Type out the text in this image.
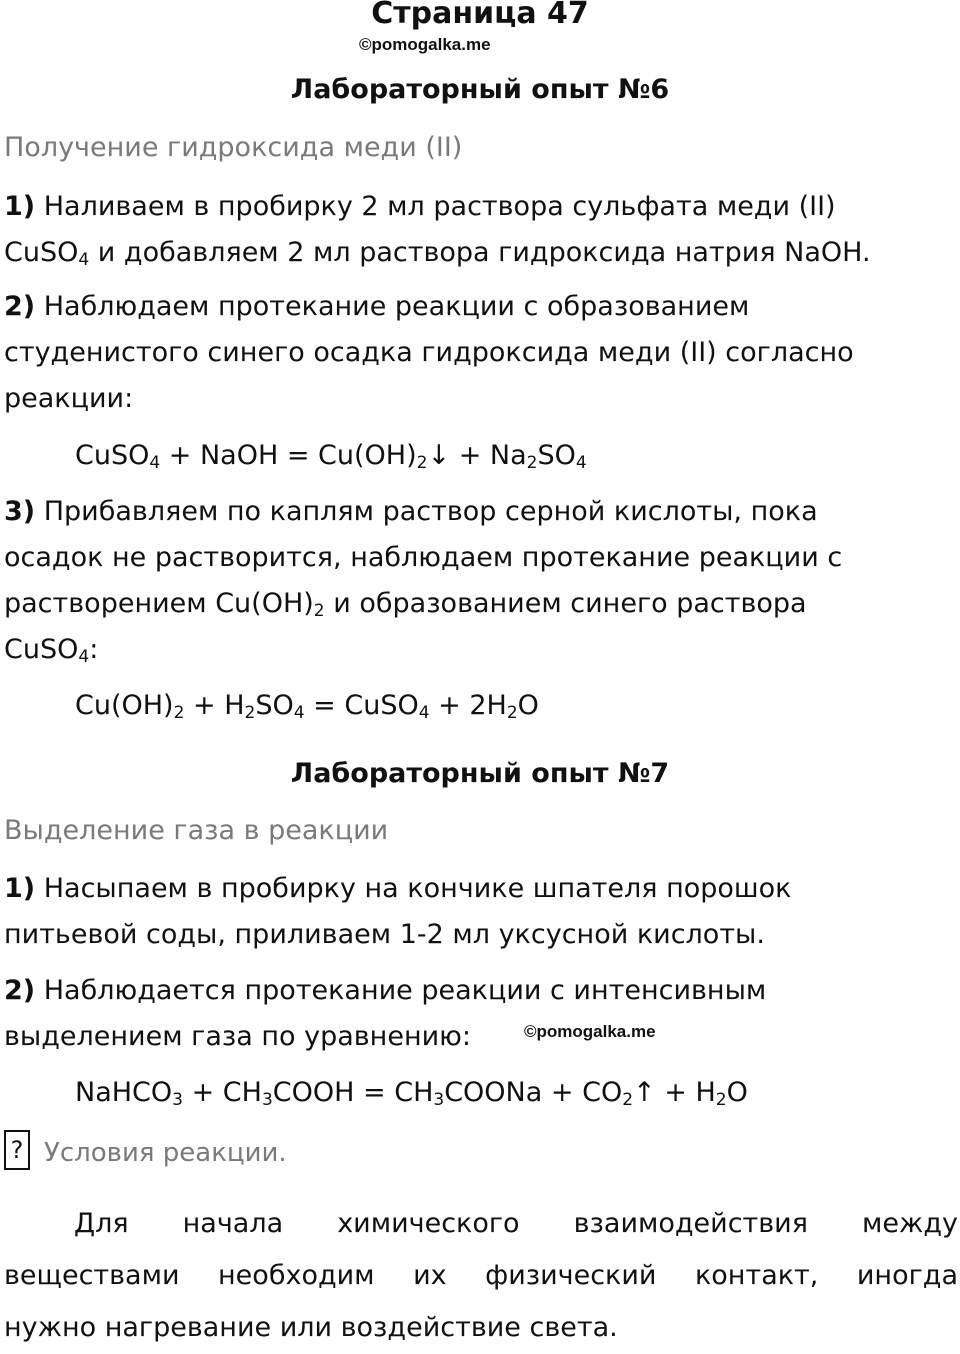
Страница 47
©pomogalka.me
Лабораторный опыт №6
Получение гидроксида меди (II)
1) Наливаем в пробирку 2 мл раствора сульфата меди (II)
CuSO$_4$ и добавляем 2 мл раствора гидроксида натрия NaOH.
2) Наблюдаем протекание реакции с образованием
студенистого синего осадка гидроксида меди (II) согласно
реакции:
CuSO$_4$ + NaOH = $Cu(OH)_2↓ + Na_2SO_4$
3) Прибавляем по каплям раствор серной кислоты, пока
осадок не растворится, наблюдаем протекание реакции с
растворением $Cu(OH)_2$ и образованием синего раствора
CuSO$_4$:
$Cu(OH)_2 + H_2SO_4$ = CuSO$_4$ + $2H_2O$
Лабораторный опыт №7
Выделение газа в реакции
1) Насыпаем в пробирку на кончике шпателя порошок
питьевой соды, приливаем 1-2 мл уксусной кислоты.
2) Наблюдается протекание реакции с интенсивным
выделением газа по уравнению:	©pomogalka.me
NaHCO$_3$ + $CH_3COOH$ = $CH_3COONa$ + $CO_2↑ + H_2O$
? Условия реакции.
Для начала химического взаимодействия между
веществами необходим их физический контакт, иногда
нужно нагревание или воздействие света.
